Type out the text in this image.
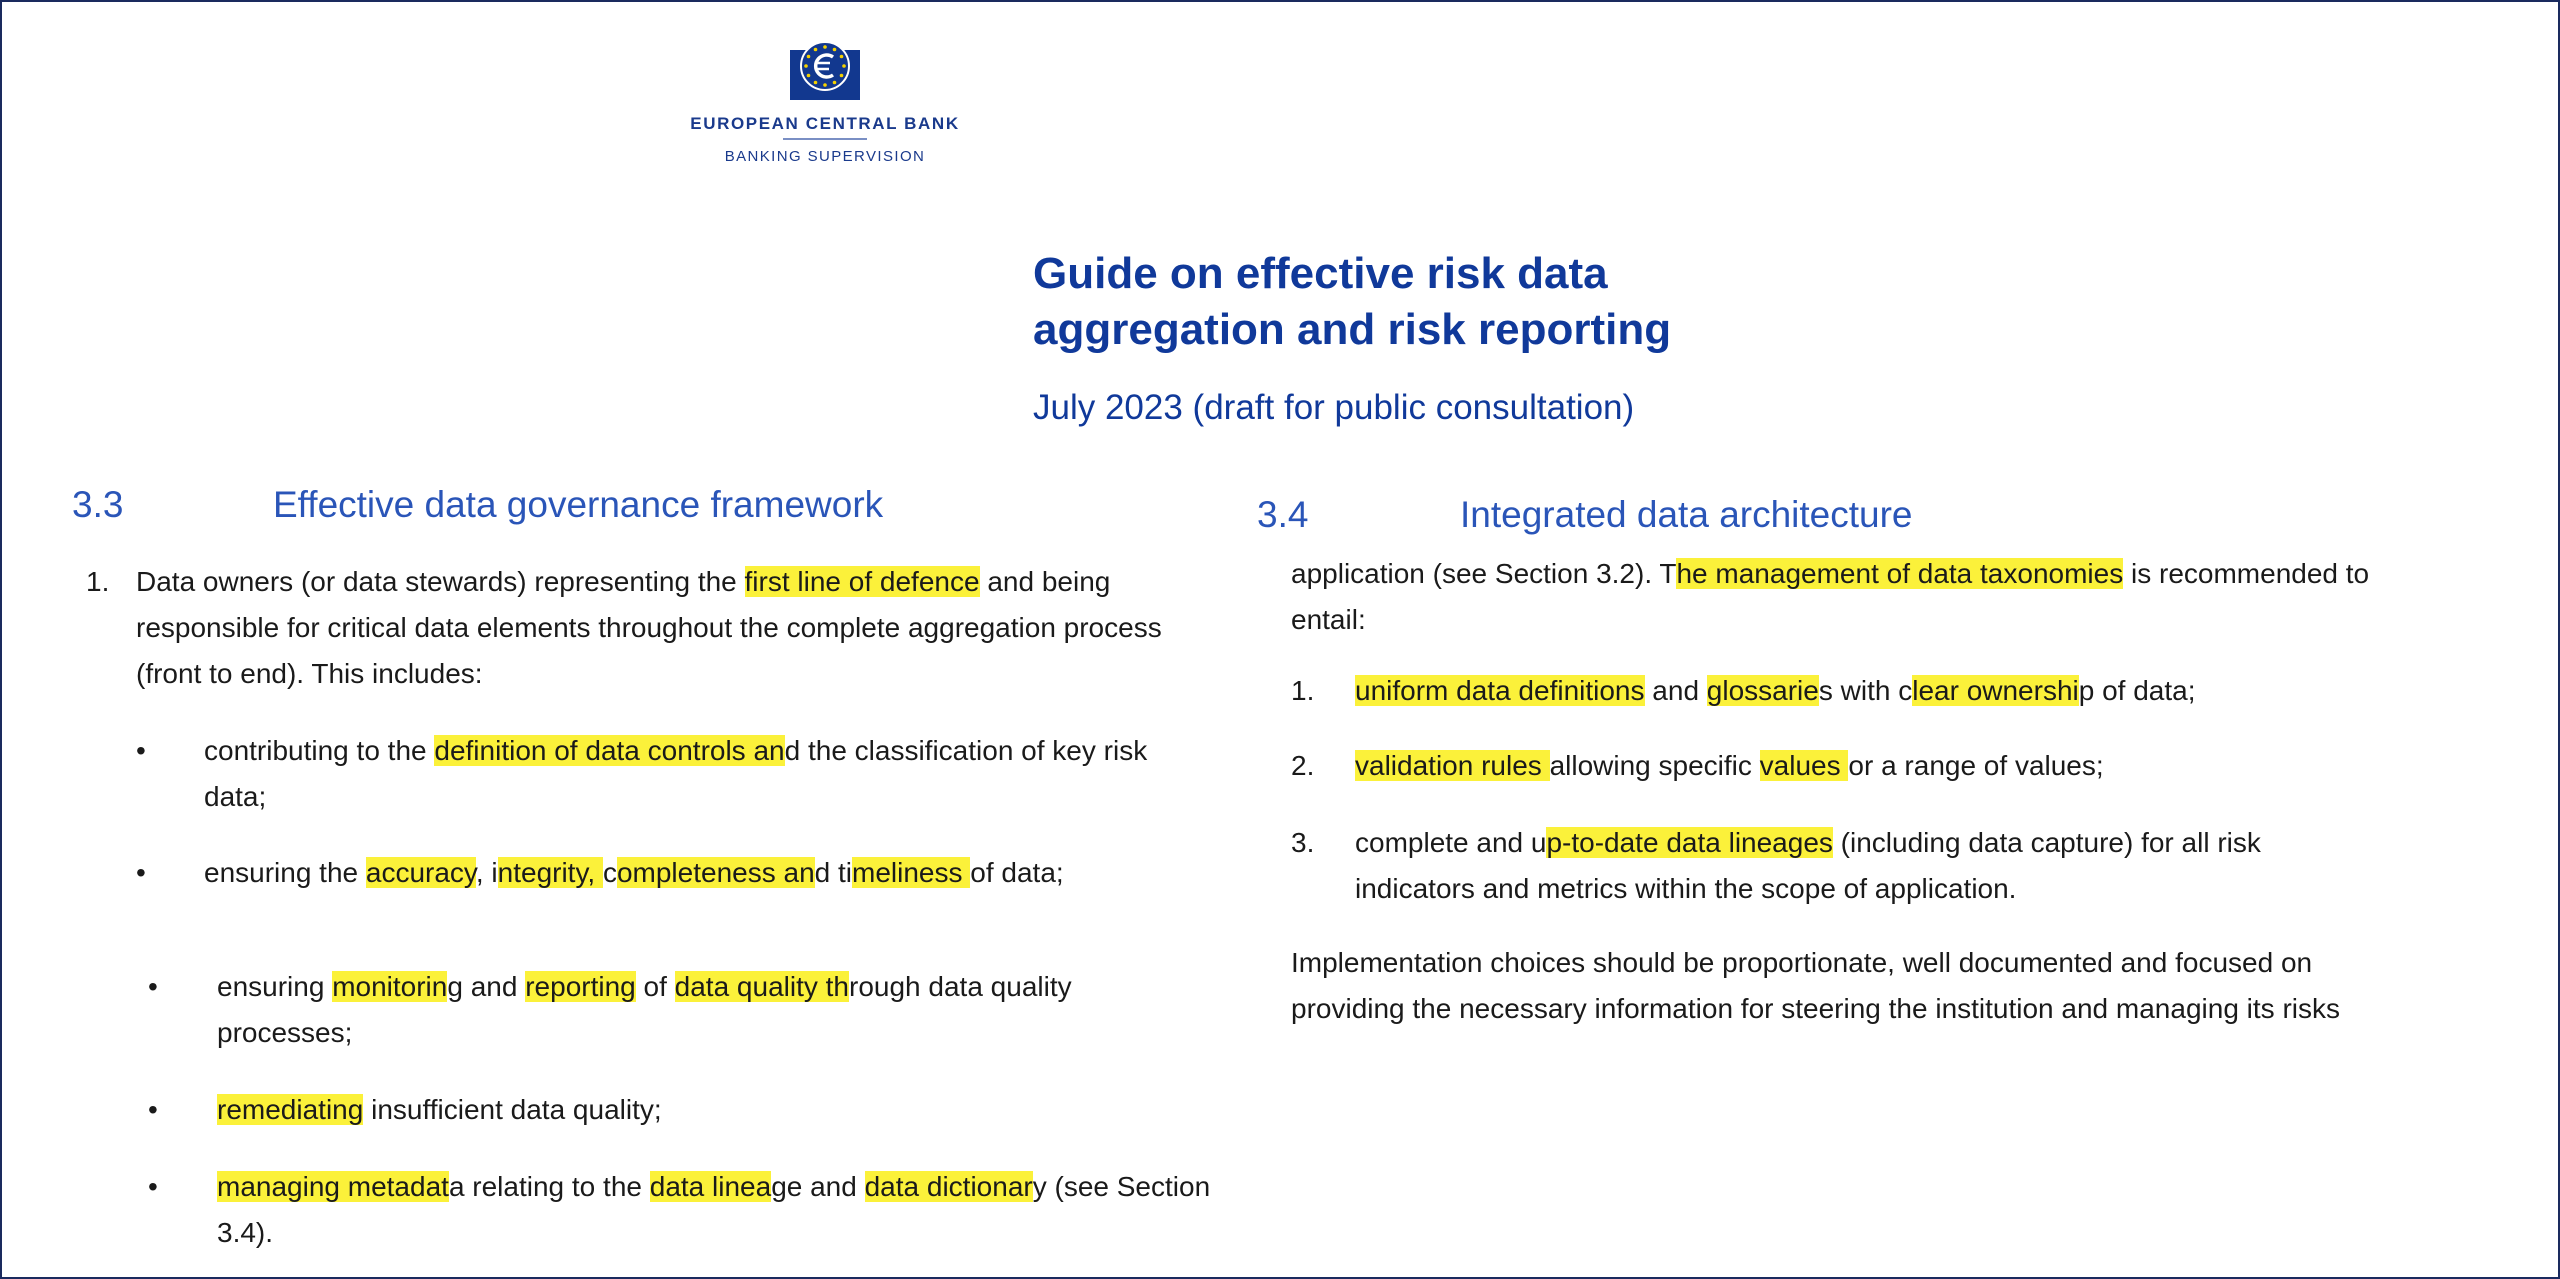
EUROPEAN CENTRAL BANK
BANKING SUPERVISION
Guide on effective risk data
aggregation and risk reporting

July 2023 (draft for public consultation)

3.3	Effective data governance framework
1. Data owners (or data stewards) representing the first line of defence and being responsible for critical data elements throughout the complete aggregation process (front to end). This includes:

• contributing to the definition of data controls and the classification of key risk data;

• ensuring the accuracy, integrity, completeness and timeliness of data;

• ensuring monitoring and reporting of data quality through data quality processes;

• remediating insufficient data quality;

• managing metadata relating to the data lineage and data dictionary (see Section 3.4).

3.4	Integrated data architecture

application (see Section 3.2). The management of data taxonomies is recommended to entail:

1. uniform data definitions and glossaries with clear ownership of data;

2. validation rules allowing specific values or a range of values;

3. complete and up-to-date data lineages (including data capture) for all risk indicators and metrics within the scope of application.

Implementation choices should be proportionate, well documented and focused on providing the necessary information for steering the institution and managing its risks
